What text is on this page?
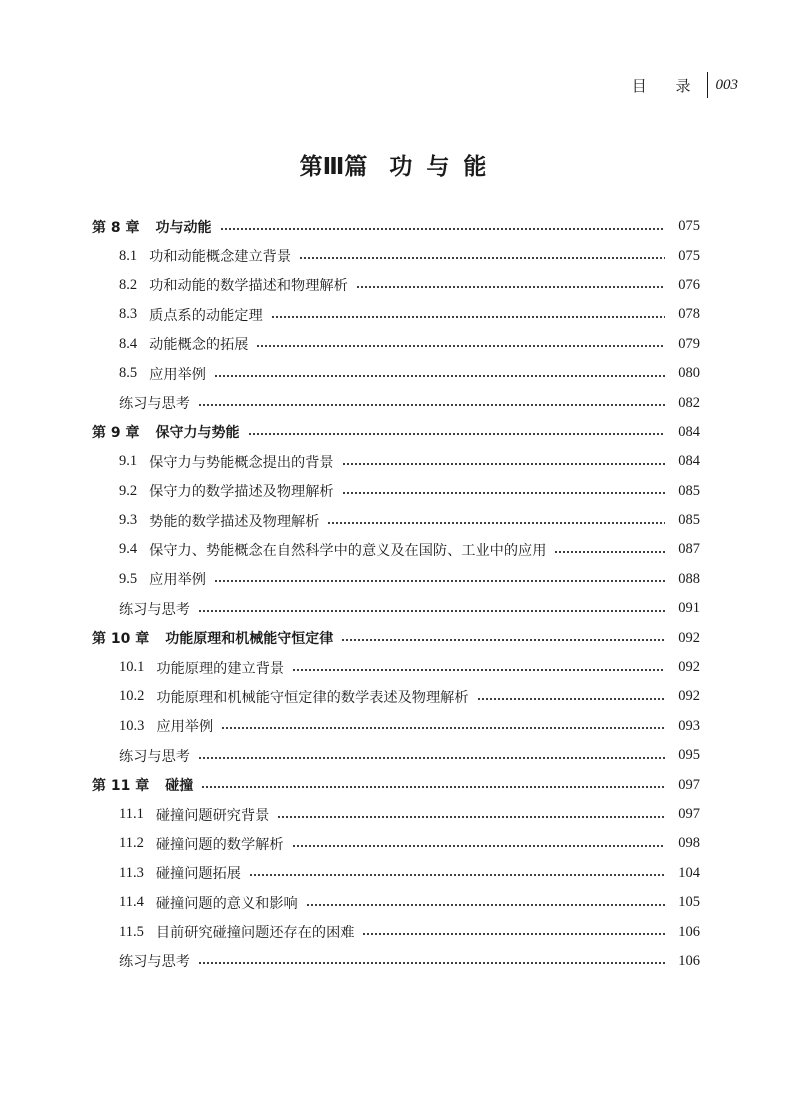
目 录 003
第Ⅲ篇 功与能
第 8 章 功与动能	075
8.1 功和动能概念建立背景	075
8.2 功和动能的数学描述和物理解析	076
8.3 质点系的动能定理	078
8.4 动能概念的拓展	079
8.5 应用举例	080
练习与思考	082
第 9 章 保守力与势能	084
9.1 保守力与势能概念提出的背景	084
9.2 保守力的数学描述及物理解析	085
9.3 势能的数学描述及物理解析	085
9.4 保守力、势能概念在自然科学中的意义及在国防、工业中的应用	087
9.5 应用举例	088
练习与思考	091
第 10 章 功能原理和机械能守恒定律	092
10.1 功能原理的建立背景	092
10.2 功能原理和机械能守恒定律的数学表述及物理解析	092
10.3 应用举例	093
练习与思考	095
第 11 章 碰撞	097
11.1 碰撞问题研究背景	097
11.2 碰撞问题的数学解析	098
11.3 碰撞问题拓展	104
11.4 碰撞问题的意义和影响	105
11.5 目前研究碰撞问题还存在的困难	106
练习与思考	106
